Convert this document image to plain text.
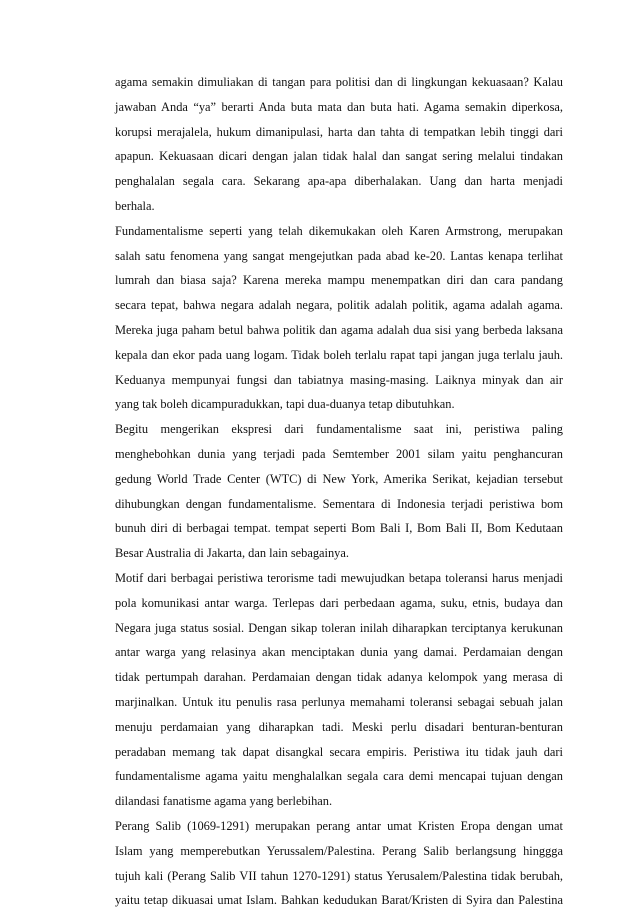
agama semakin dimuliakan di tangan para politisi dan di lingkungan kekuasaan? Kalau
jawaban Anda “ya” berarti Anda buta mata dan buta hati. Agama semakin diperkosa,
korupsi merajalela, hukum dimanipulasi, harta dan tahta di tempatkan lebih tinggi dari
apapun. Kekuasaan dicari dengan jalan tidak halal dan sangat sering melalui tindakan
penghalalan segala cara. Sekarang apa-apa diberhalakan. Uang dan harta menjadi
berhala.
Fundamentalisme seperti yang telah dikemukakan oleh Karen Armstrong, merupakan
salah satu fenomena yang sangat mengejutkan pada abad ke-20. Lantas kenapa terlihat
lumrah dan biasa saja? Karena mereka mampu menempatkan diri dan cara pandang
secara tepat, bahwa negara adalah negara, politik adalah politik, agama adalah agama.
Mereka juga paham betul bahwa politik dan agama adalah dua sisi yang berbeda laksana
kepala dan ekor pada uang logam. Tidak boleh terlalu rapat tapi jangan juga terlalu jauh.
Keduanya mempunyai fungsi dan tabiatnya masing-masing. Laiknya minyak dan air
yang tak boleh dicampuradukkan, tapi dua-duanya tetap dibutuhkan.
Begitu mengerikan ekspresi dari fundamentalisme saat ini, peristiwa paling
menghebohkan dunia yang terjadi pada Semtember 2001 silam yaitu penghancuran
gedung World Trade Center (WTC) di New York, Amerika Serikat, kejadian tersebut
dihubungkan dengan fundamentalisme. Sementara di Indonesia terjadi peristiwa bom
bunuh diri di berbagai tempat. tempat seperti Bom Bali I, Bom Bali II, Bom Kedutaan
Besar Australia di Jakarta, dan lain sebagainya.
Motif dari berbagai peristiwa terorisme tadi mewujudkan betapa toleransi harus menjadi
pola komunikasi antar warga. Terlepas dari perbedaan agama, suku, etnis, budaya dan
Negara juga status sosial. Dengan sikap toleran inilah diharapkan terciptanya kerukunan
antar warga yang relasinya akan menciptakan dunia yang damai. Perdamaian dengan
tidak pertumpah darahan. Perdamaian dengan tidak adanya kelompok yang merasa di
marjinalkan. Untuk itu penulis rasa perlunya memahami toleransi sebagai sebuah jalan
menuju perdamaian yang diharapkan tadi. Meski perlu disadari benturan-benturan
peradaban memang tak dapat disangkal secara empiris. Peristiwa itu tidak jauh dari
fundamentalisme agama yaitu menghalalkan segala cara demi mencapai tujuan dengan
dilandasi fanatisme agama yang berlebihan.
Perang Salib (1069-1291) merupakan perang antar umat Kristen Eropa dengan umat
Islam yang memperebutkan Yerussalem/Palestina. Perang Salib berlangsung hinggga
tujuh kali (Perang Salib VII tahun 1270-1291) status Yerusalem/Palestina tidak berubah,
yaitu tetap dikuasai umat Islam. Bahkan kedudukan Barat/Kristen di Syira dan Palestina
